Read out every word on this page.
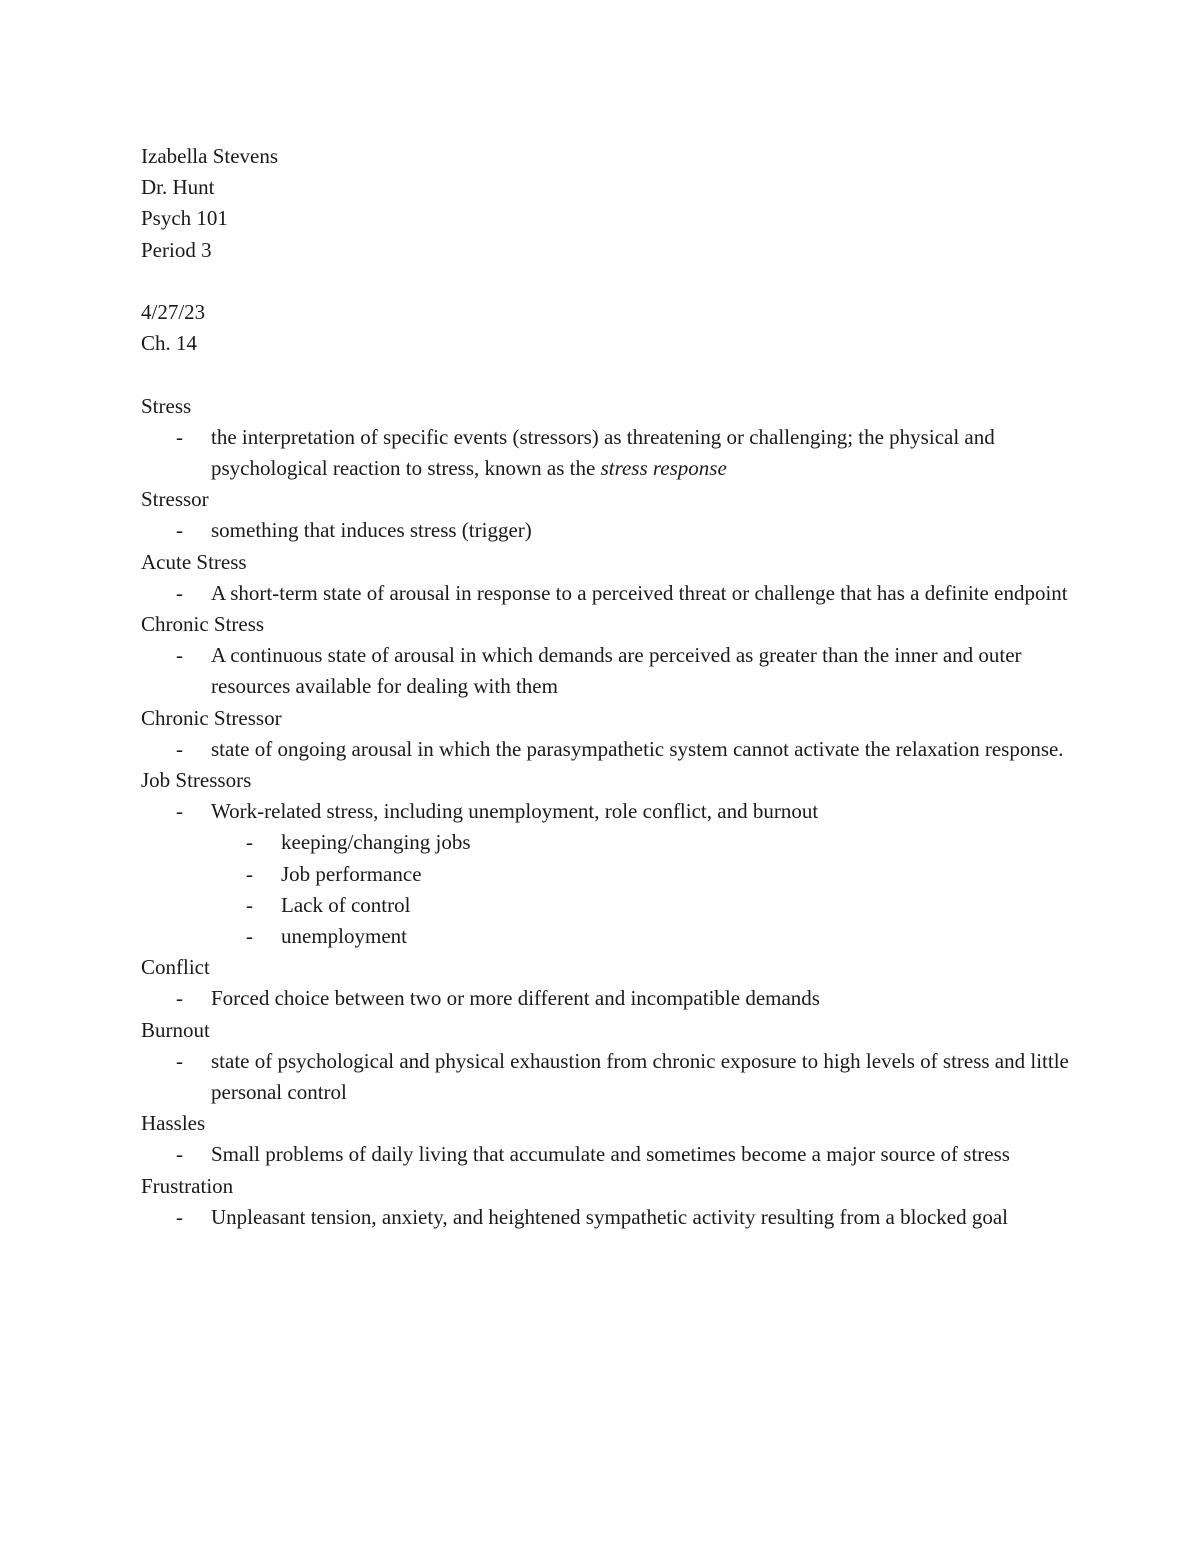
Izabella Stevens
Dr. Hunt
Psych 101
Period 3
4/27/23
Ch. 14
Stress
- the interpretation of specific events (stressors) as threatening or challenging; the physical and psychological reaction to stress, known as the stress response
Stressor
- something that induces stress (trigger)
Acute Stress
- A short-term state of arousal in response to a perceived threat or challenge that has a definite endpoint
Chronic Stress
- A continuous state of arousal in which demands are perceived as greater than the inner and outer resources available for dealing with them
Chronic Stressor
- state of ongoing arousal in which the parasympathetic system cannot activate the relaxation response.
Job Stressors
- Work-related stress, including unemployment, role conflict, and burnout
- keeping/changing jobs
- Job performance
- Lack of control
- unemployment
Conflict
- Forced choice between two or more different and incompatible demands
Burnout
- state of psychological and physical exhaustion from chronic exposure to high levels of stress and little personal control
Hassles
- Small problems of daily living that accumulate and sometimes become a major source of stress
Frustration
- Unpleasant tension, anxiety, and heightened sympathetic activity resulting from a blocked goal
